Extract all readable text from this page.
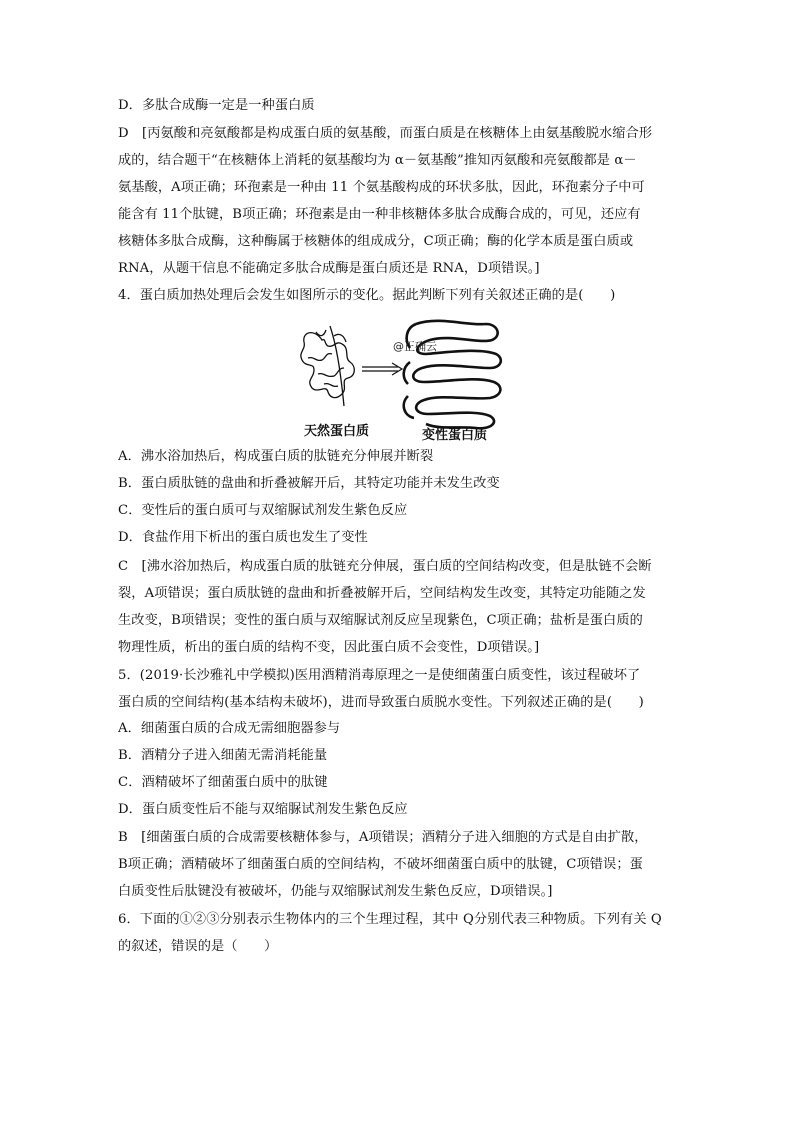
D．多肽合成酶一定是一种蛋白质
D　[丙氨酸和亮氨酸都是构成蛋白质的氨基酸，而蛋白质是在核糖体上由氨基酸脱水缩合形
成的，结合题干“在核糖体上消耗的氨基酸均为 α－氨基酸”推知丙氨酸和亮氨酸都是 α－
氨基酸，A项正确；环孢素是一种由 11 个氨基酸构成的环状多肽，因此，环孢素分子中可
能含有 11个肽键，B项正确；环孢素是由一种非核糖体多肽合成酶合成的，可见，还应有
核糖体多肽合成酶，这种酶属于核糖体的组成成分，C项正确；酶的化学本质是蛋白质或
RNA，从题干信息不能确定多肽合成酶是蛋白质还是 RNA，D项错误。]
4．蛋白质加热处理后会发生如图所示的变化。据此判断下列有关叙述正确的是(　　)
@正确云
天然蛋白质	变性蛋白质
A．沸水浴加热后，构成蛋白质的肽链充分伸展并断裂
B．蛋白质肽链的盘曲和折叠被解开后，其特定功能并未发生改变
C．变性后的蛋白质可与双缩脲试剂发生紫色反应
D．食盐作用下析出的蛋白质也发生了变性
C　[沸水浴加热后，构成蛋白质的肽链充分伸展，蛋白质的空间结构改变，但是肽链不会断
裂，A项错误；蛋白质肽链的盘曲和折叠被解开后，空间结构发生改变，其特定功能随之发
生改变，B项错误；变性的蛋白质与双缩脲试剂反应呈现紫色，C项正确；盐析是蛋白质的
物理性质，析出的蛋白质的结构不变，因此蛋白质不会变性，D项错误。]
5．(2019·长沙雅礼中学模拟)医用酒精消毒原理之一是使细菌蛋白质变性，该过程破坏了
蛋白质的空间结构(基本结构未破坏)，进而导致蛋白质脱水变性。下列叙述正确的是(　　)
A．细菌蛋白质的合成无需细胞器参与
B．酒精分子进入细菌无需消耗能量
C．酒精破坏了细菌蛋白质中的肽键
D．蛋白质变性后不能与双缩脲试剂发生紫色反应
B　[细菌蛋白质的合成需要核糖体参与，A项错误；酒精分子进入细胞的方式是自由扩散，
B项正确；酒精破坏了细菌蛋白质的空间结构，不破坏细菌蛋白质中的肽键，C项错误；蛋
白质变性后肽键没有被破坏，仍能与双缩脲试剂发生紫色反应，D项错误。]
6．下面的①②③分别表示生物体内的三个生理过程，其中 Q分别代表三种物质。下列有关 Q
的叙述，错误的是（　　）
